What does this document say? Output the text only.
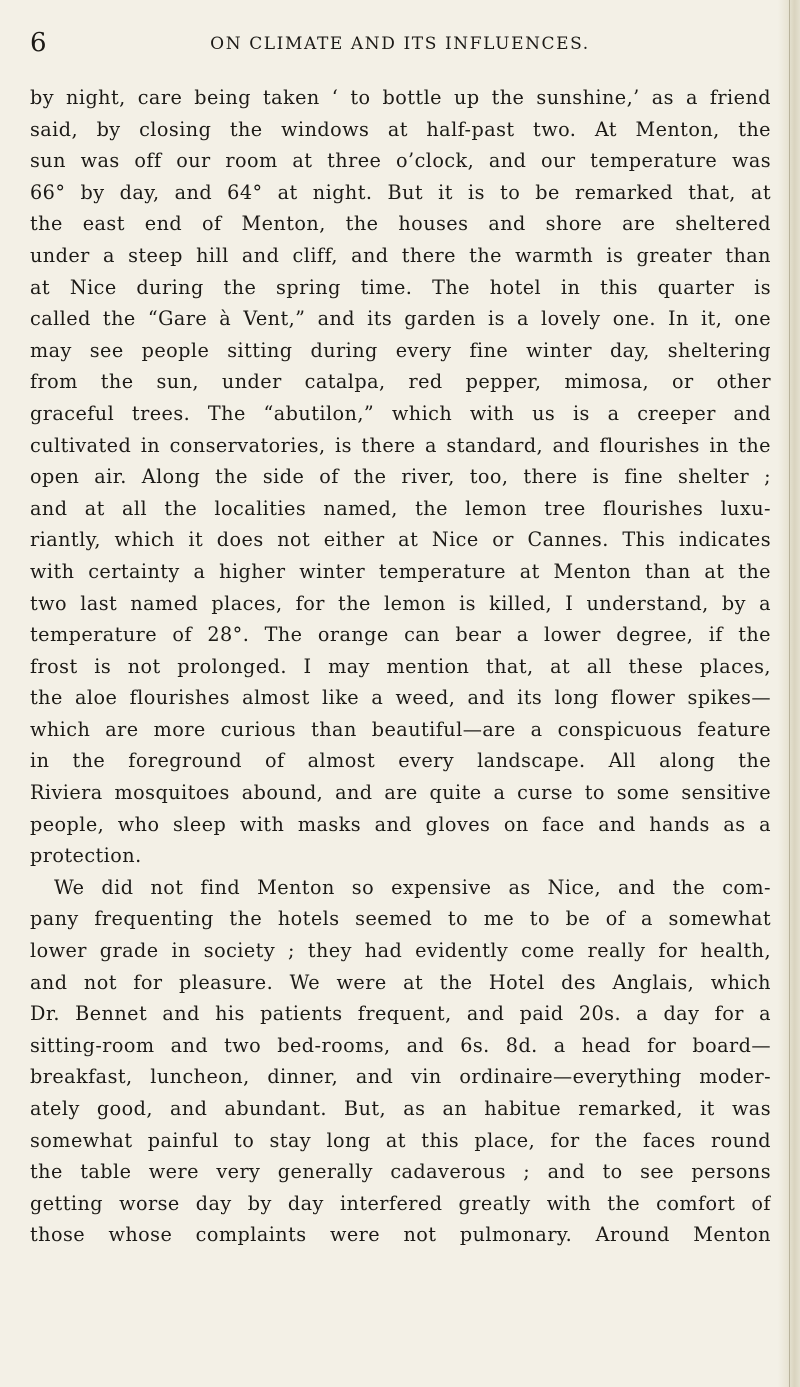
6	ON CLIMATE AND ITS INFLUENCES.
by night, care being taken ‘ to bottle up the sunshine,’ as a friend
said, by closing the windows at half-past two. At Menton, the
sun was off our room at three o’clock, and our temperature was
66° by day, and 64° at night. But it is to be remarked that, at
the east end of Menton, the houses and shore are sheltered
under a steep hill and cliff, and there the warmth is greater than
at Nice during the spring time. The hotel in this quarter is
called the “Gare à Vent,” and its garden is a lovely one. In it, one
may see people sitting during every fine winter day, sheltering
from the sun, under catalpa, red pepper, mimosa, or other
graceful trees. The “abutilon,” which with us is a creeper and
cultivated in conservatories, is there a standard, and flourishes in the
open air. Along the side of the river, too, there is fine shelter ;
and at all the localities named, the lemon tree flourishes luxu-
riantly, which it does not either at Nice or Cannes. This indicates
with certainty a higher winter temperature at Menton than at the
two last named places, for the lemon is killed, I understand, by a
temperature of 28°. The orange can bear a lower degree, if the
frost is not prolonged. I may mention that, at all these places,
the aloe flourishes almost like a weed, and its long flower spikes—
which are more curious than beautiful—are a conspicuous feature
in the foreground of almost every landscape. All along the
Riviera mosquitoes abound, and are quite a curse to some sensitive
people, who sleep with masks and gloves on face and hands as a
protection.
We did not find Menton so expensive as Nice, and the com-
pany frequenting the hotels seemed to me to be of a somewhat
lower grade in society ; they had evidently come really for health,
and not for pleasure. We were at the Hotel des Anglais, which
Dr. Bennet and his patients frequent, and paid 20s. a day for a
sitting-room and two bed-rooms, and 6s. 8d. a head for board—
breakfast, luncheon, dinner, and vin ordinaire—everything moder-
ately good, and abundant. But, as an habitue remarked, it was
somewhat painful to stay long at this place, for the faces round
the table were very generally cadaverous ; and to see persons
getting worse day by day interfered greatly with the comfort of
those whose complaints were not pulmonary. Around Menton
